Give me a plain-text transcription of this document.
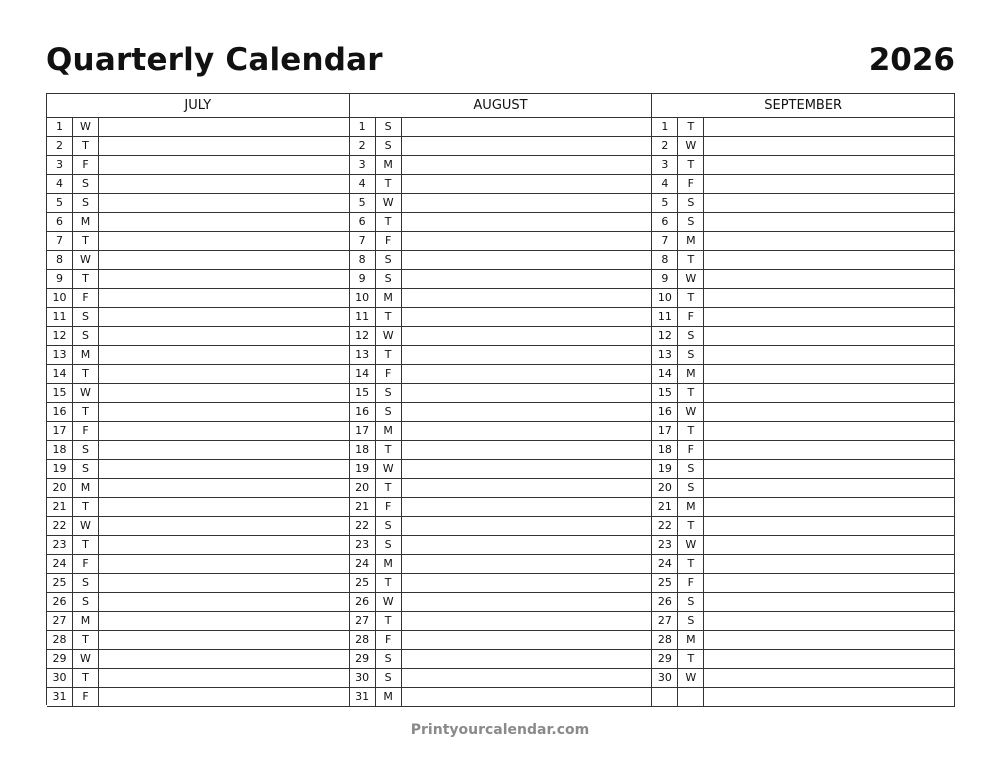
Quarterly Calendar	2026
JULY
1	W
2	T
3	F
4	S
5	S
6	M
7	T
8	W
9	T
10	F
11	S
12	S
13	M
14	T
15	W
16	T
17	F
18	S
19	S
20	M
21	T
22	W
23	T
24	F
25	S
26	S
27	M
28	T
29	W
30	T
31	F
AUGUST
1	S
2	S
3	M
4	T
5	W
6	T
7	F
8	S
9	S
10	M
11	T
12	W
13	T
14	F
15	S
16	S
17	M
18	T
19	W
20	T
21	F
22	S
23	S
24	M
25	T
26	W
27	T
28	F
29	S
30	S
31	M
SEPTEMBER
1	T
2	W
3	T
4	F
5	S
6	S
7	M
8	T
9	W
10	T
11	F
12	S
13	S
14	M
15	T
16	W
17	T
18	F
19	S
20	S
21	M
22	T
23	W
24	T
25	F
26	S
27	S
28	M
29	T
30	W
Printyourcalendar.com
